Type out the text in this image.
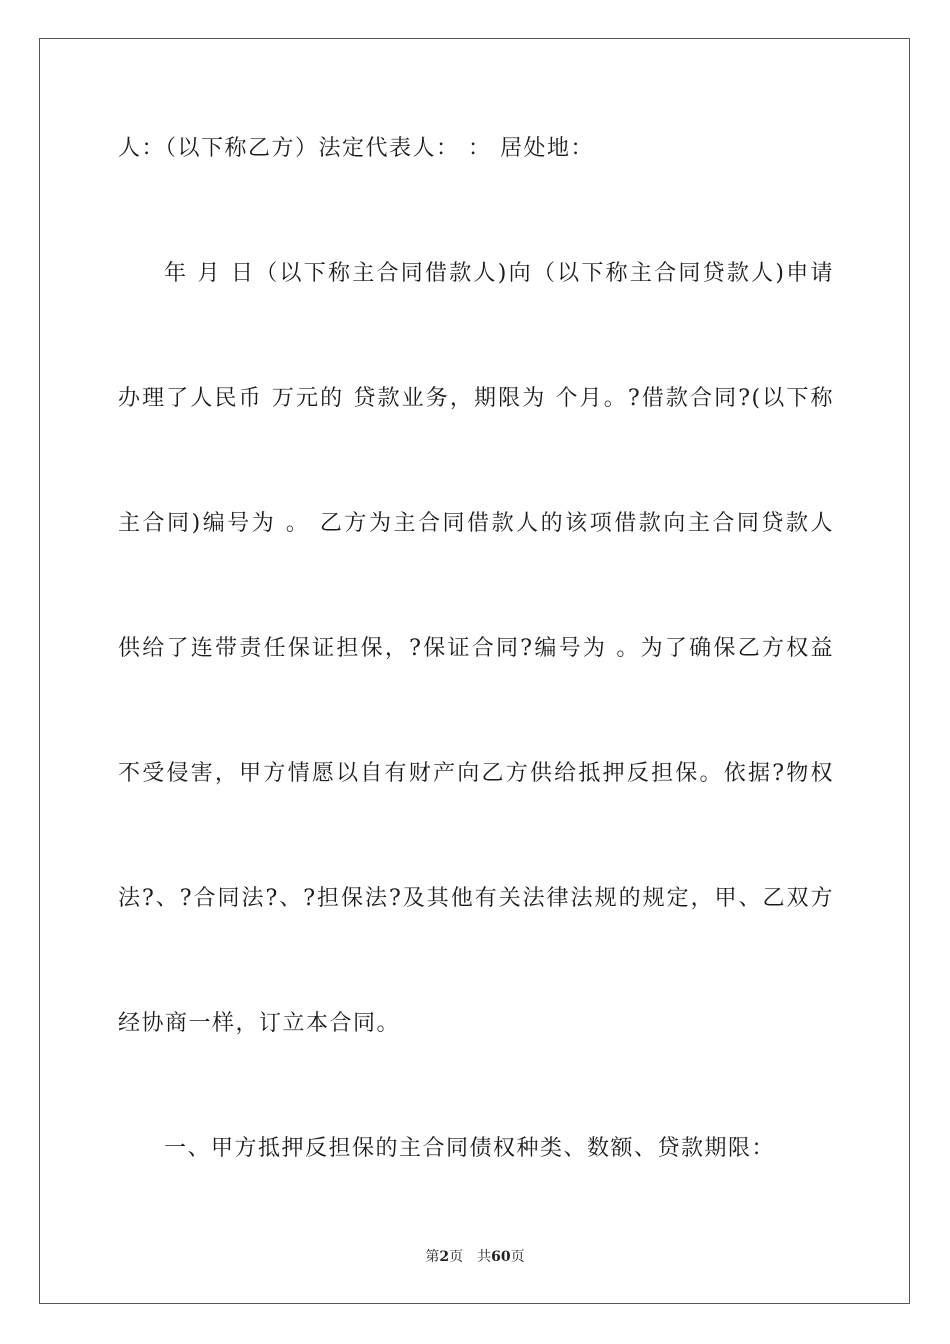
人：（以下称乙方）法定代表人： ： 居处地：
年 月 日（以下称主合同借款人)向（以下称主合同贷款人)申请
办理了人民币 万元的 贷款业务，期限为 个月。?借款合同?(以下称
主合同)编号为 。 乙方为主合同借款人的该项借款向主合同贷款人
供给了连带责任保证担保，?保证合同?编号为 。为了确保乙方权益
不受侵害，甲方情愿以自有财产向乙方供给抵押反担保。依据?物权
法?、?合同法?、?担保法?及其他有关法律法规的规定，甲、乙双方
经协商一样，订立本合同。
一、甲方抵押反担保的主合同债权种类、数额、贷款期限：
第2页 共60页
